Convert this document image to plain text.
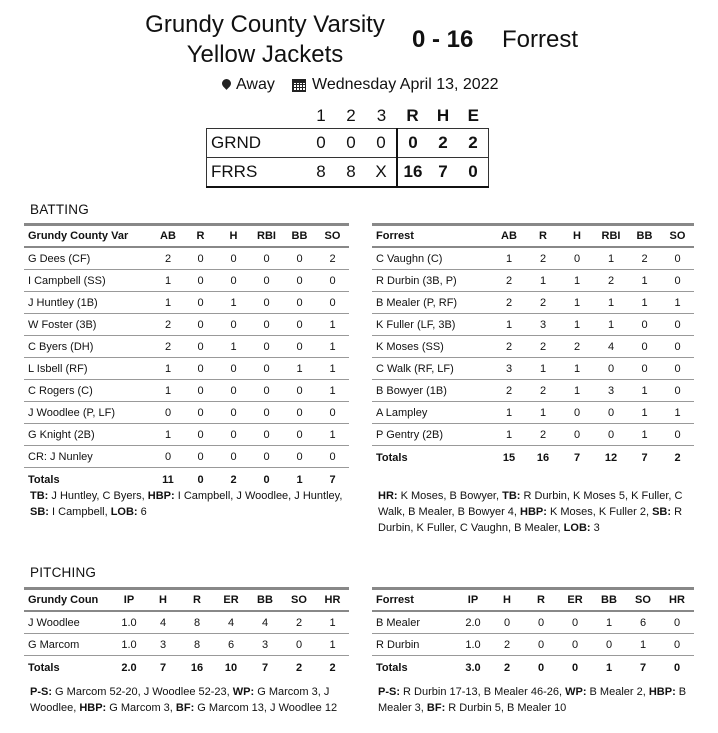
Grundy County Varsity
Yellow Jackets
0 - 16 Forrest
Away Wednesday April 13, 2022
	1	2	3	R	H	E
GRND	0	0	0	0	2	2
FRRS	8	8	X	16	7	0
BATTING
Grundy County Var	AB	R	H	RBI	BB	SO
G Dees (CF)	2	0	0	0	0	2
I Campbell (SS)	1	0	0	0	0	0
J Huntley (1B)	1	0	1	0	0	0
W Foster (3B)	2	0	0	0	0	1
C Byers (DH)	2	0	1	0	0	1
L Isbell (RF)	1	0	0	0	1	1
C Rogers (C)	1	0	0	0	0	1
J Woodlee (P, LF)	0	0	0	0	0	0
G Knight (2B)	1	0	0	0	0	1
CR: J Nunley	0	0	0	0	0	0
Totals	11	0	2	0	1	7
Forrest	AB	R	H	RBI	BB	SO
C Vaughn (C)	1	2	0	1	2	0
R Durbin (3B, P)	2	1	1	2	1	0
B Mealer (P, RF)	2	2	1	1	1	1
K Fuller (LF, 3B)	1	3	1	1	0	0
K Moses (SS)	2	2	2	4	0	0
C Walk (RF, LF)	3	1	1	0	0	0
B Bowyer (1B)	2	2	1	3	1	0
A Lampley	1	1	0	0	1	1
P Gentry (2B)	1	2	0	0	1	0
Totals	15	16	7	12	7	2
TB: J Huntley, C Byers, HBP: I Campbell, J Woodlee, J Huntley, SB: I Campbell, LOB: 6
HR: K Moses, B Bowyer, TB: R Durbin, K Moses 5, K Fuller, C Walk, B Mealer, B Bowyer 4, HBP: K Moses, K Fuller 2, SB: R Durbin, K Fuller, C Vaughn, B Mealer, LOB: 3
PITCHING
Grundy Coun	IP	H	R	ER	BB	SO	HR
J Woodlee	1.0	4	8	4	4	2	1
G Marcom	1.0	3	8	6	3	0	1
Totals	2.0	7	16	10	7	2	2
Forrest	IP	H	R	ER	BB	SO	HR
B Mealer	2.0	0	0	0	1	6	0
R Durbin	1.0	2	0	0	0	1	0
Totals	3.0	2	0	0	1	7	0
P-S: G Marcom 52-20, J Woodlee 52-23, WP: G Marcom 3, J Woodlee, HBP: G Marcom 3, BF: G Marcom 13, J Woodlee 12
P-S: R Durbin 17-13, B Mealer 46-26, WP: B Mealer 2, HBP: B Mealer 3, BF: R Durbin 5, B Mealer 10
